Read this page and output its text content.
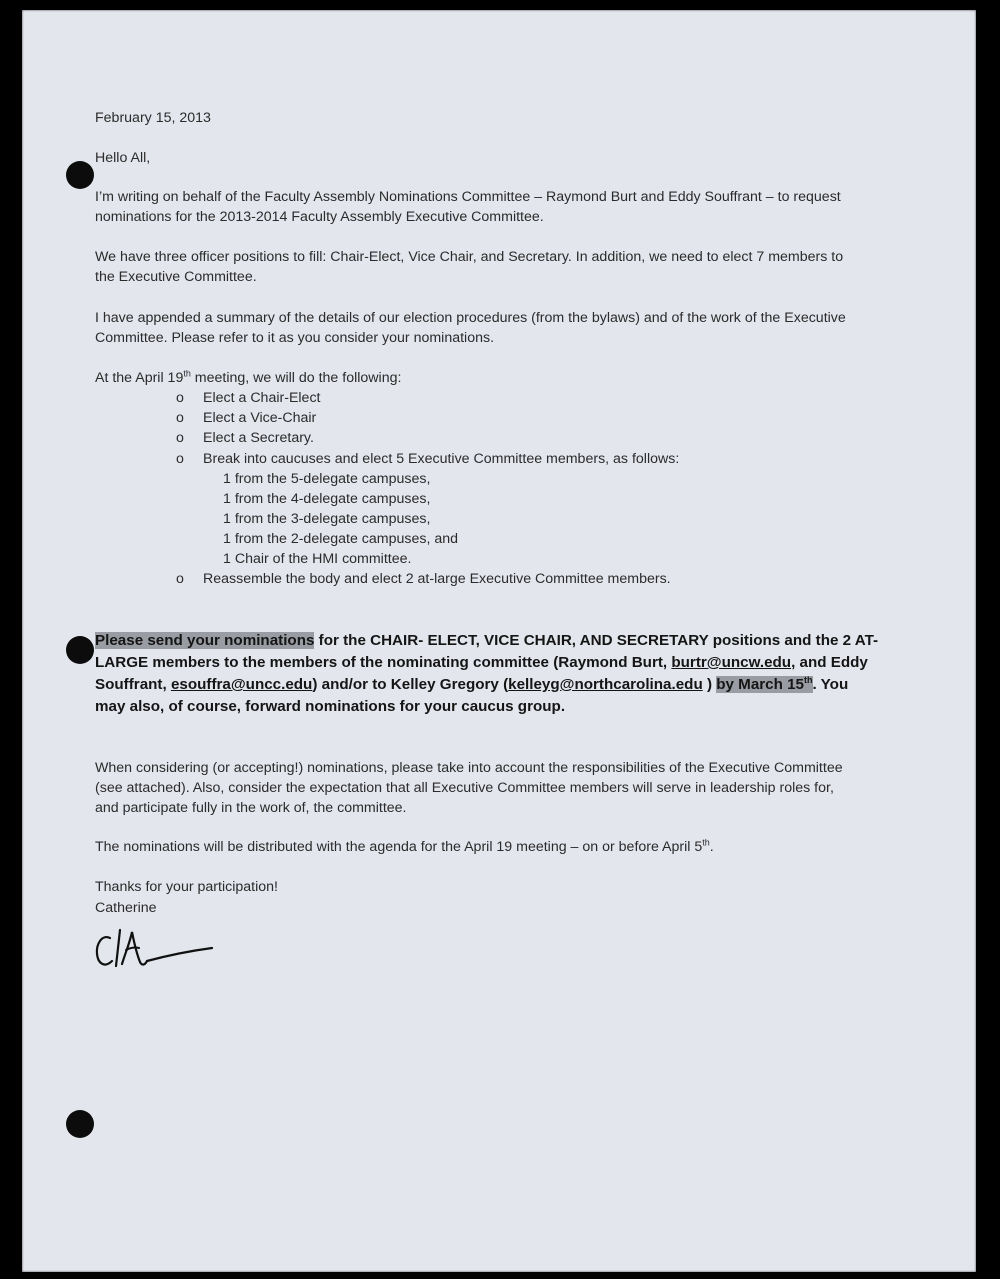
February 15, 2013

Hello All,

I’m writing on behalf of the Faculty Assembly Nominations Committee – Raymond Burt and Eddy Souffrant – to request

nominations for the 2013-2014 Faculty Assembly Executive Committee.

We have three officer positions to fill: Chair-Elect, Vice Chair, and Secretary. In addition, we need to elect 7 members to

the Executive Committee.

I have appended a summary of the details of our election procedures (from the bylaws) and of the work of the Executive

Committee. Please refer to it as you consider your nominations.

At the April 19th meeting, we will do the following:

o Elect a Chair-Elect
o Elect a Vice-Chair
o Elect a Secretary.
o Break into caucuses and elect 5 Executive Committee members, as follows:
1 from the 5-delegate campuses,
1 from the 4-delegate campuses,
1 from the 3-delegate campuses,
1 from the 2-delegate campuses, and
1 Chair of the HMI committee.
o Reassemble the body and elect 2 at-large Executive Committee members.

Please send your nominations for the CHAIR- ELECT, VICE CHAIR, AND SECRETARY positions and the 2 AT-

LARGE members to the members of the nominating committee (Raymond Burt, burtr@uncw.edu, and Eddy

Souffrant, esouffra@uncc.edu) and/or to Kelley Gregory (kelleyg@northcarolina.edu ) by March 15th. You

may also, of course, forward nominations for your caucus group.

When considering (or accepting!) nominations, please take into account the responsibilities of the Executive Committee

(see attached). Also, consider the expectation that all Executive Committee members will serve in leadership roles for,

and participate fully in the work of, the committee.

The nominations will be distributed with the agenda for the April 19 meeting – on or before April 5th.

Thanks for your participation!

Catherine
